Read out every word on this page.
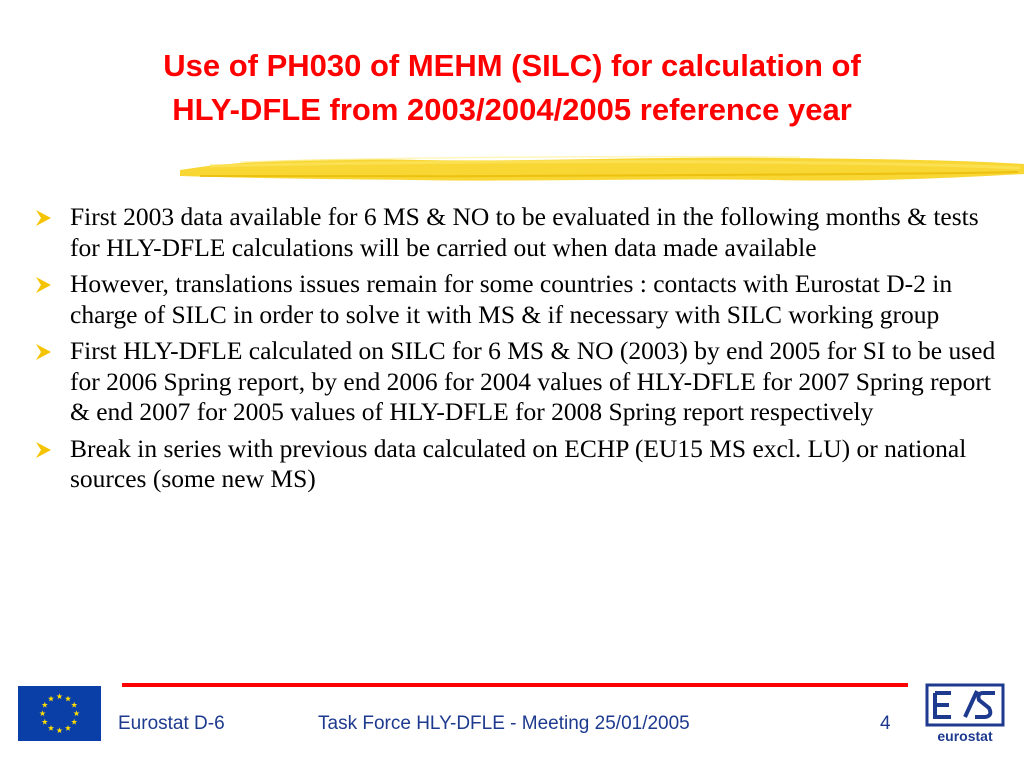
Use of PH030 of MEHM (SILC) for calculation of
HLY-DFLE from 2003/2004/2005 reference year
First 2003 data available for 6 MS & NO to be evaluated in the following months & tests for HLY-DFLE calculations will be carried out when data made available
However, translations issues remain for some countries : contacts with Eurostat D-2 in charge of SILC in order to solve it with MS & if necessary with SILC working group
First HLY-DFLE calculated on SILC for 6 MS & NO (2003) by end 2005 for SI to be used for 2006 Spring report, by end 2006 for 2004 values of HLY-DFLE for 2007 Spring report & end 2007 for 2005 values of HLY-DFLE for 2008 Spring report respectively
Break in series with previous data calculated on ECHP (EU15 MS excl. LU) or national sources (some new MS)
Eurostat D-6	Task Force HLY-DFLE - Meeting 25/01/2005	4
eurostat
